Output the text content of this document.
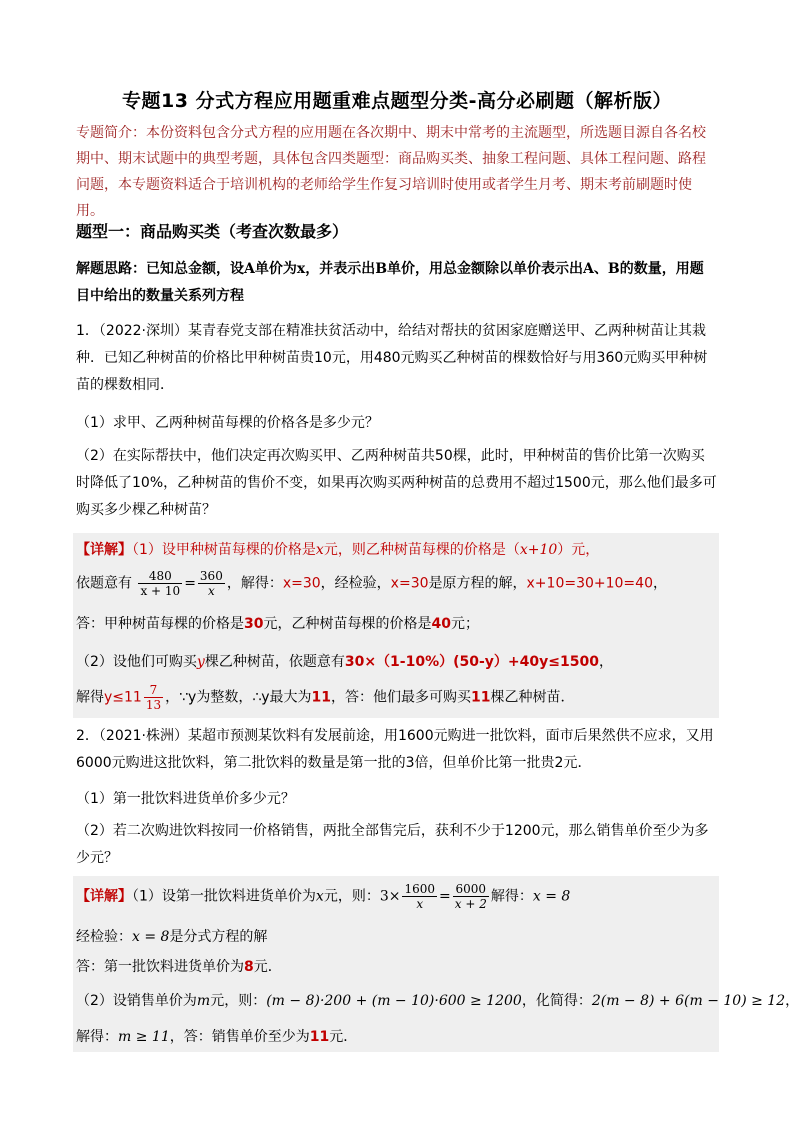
专题13 分式方程应用题重难点题型分类-高分必刷题（解析版）
专题简介：本份资料包含分式方程的应用题在各次期中、期末中常考的主流题型，所选题目源自各名校期中、期末试题中的典型考题，具体包含四类题型：商品购买类、抽象工程问题、具体工程问题、路程问题，本专题资料适合于培训机构的老师给学生作复习培训时使用或者学生月考、期末考前刷题时使用。
题型一：商品购买类（考查次数最多）
解题思路：已知总金额，设A单价为x，并表示出B单价，用总金额除以单价表示出A、B的数量，用题目中给出的数量关系列方程
1．（2022·深圳）某青春党支部在精准扶贫活动中，给结对帮扶的贫困家庭赠送甲、乙两种树苗让其栽种．已知乙种树苗的价格比甲种树苗贵10元，用480元购买乙种树苗的棵数恰好与用360元购买甲种树苗的棵数相同．
（1）求甲、乙两种树苗每棵的价格各是多少元？
（2）在实际帮扶中，他们决定再次购买甲、乙两种树苗共50棵，此时，甲种树苗的售价比第一次购买时降低了10%，乙种树苗的售价不变，如果再次购买两种树苗的总费用不超过1500元，那么他们最多可购买多少棵乙种树苗？
【详解】（1）设甲种树苗每棵的价格是x元，则乙种树苗每棵的价格是（x+10）元，
依题意有 $\frac{480}{x + 10} = \frac{360}{x}$ ，解得：x=30，经检验，x=30是原方程的解，x+10=30+10=40，
答：甲种树苗每棵的价格是30元，乙种树苗每棵的价格是40元；
（2）设他们可购买y棵乙种树苗，依题意有30×（1-10%）(50-y）+40y≤1500，
解得$y\le 11 \frac{7}{13}$ ，∵y为整数，∴y最大为11，答：他们最多可购买11棵乙种树苗．
2．（2021·株洲）某超市预测某饮料有发展前途，用1600元购进一批饮料，面市后果然供不应求，又用6000元购进这批饮料，第二批饮料的数量是第一批的3倍，但单价比第一批贵2元．
（1）第一批饮料进货单价多少元？
（2）若二次购进饮料按同一价格销售，两批全部售完后，获利不少于1200元，那么销售单价至少为多少元？
【详解】（1）设第一批饮料进货单价为x元，则：$3\times \frac{1600}{x} = \frac{6000}{x + 2}$ 解得：x = 8
经检验：x = 8是分式方程的解
答：第一批饮料进货单价为8元．
（2）设销售单价为m元，则：(m − 8)·200 + (m − 10)·600 ≥ 1200，化简得：2(m − 8) + 6(m − 10) ≥ 12，
解得：m ≥ 11，答：销售单价至少为11元．
